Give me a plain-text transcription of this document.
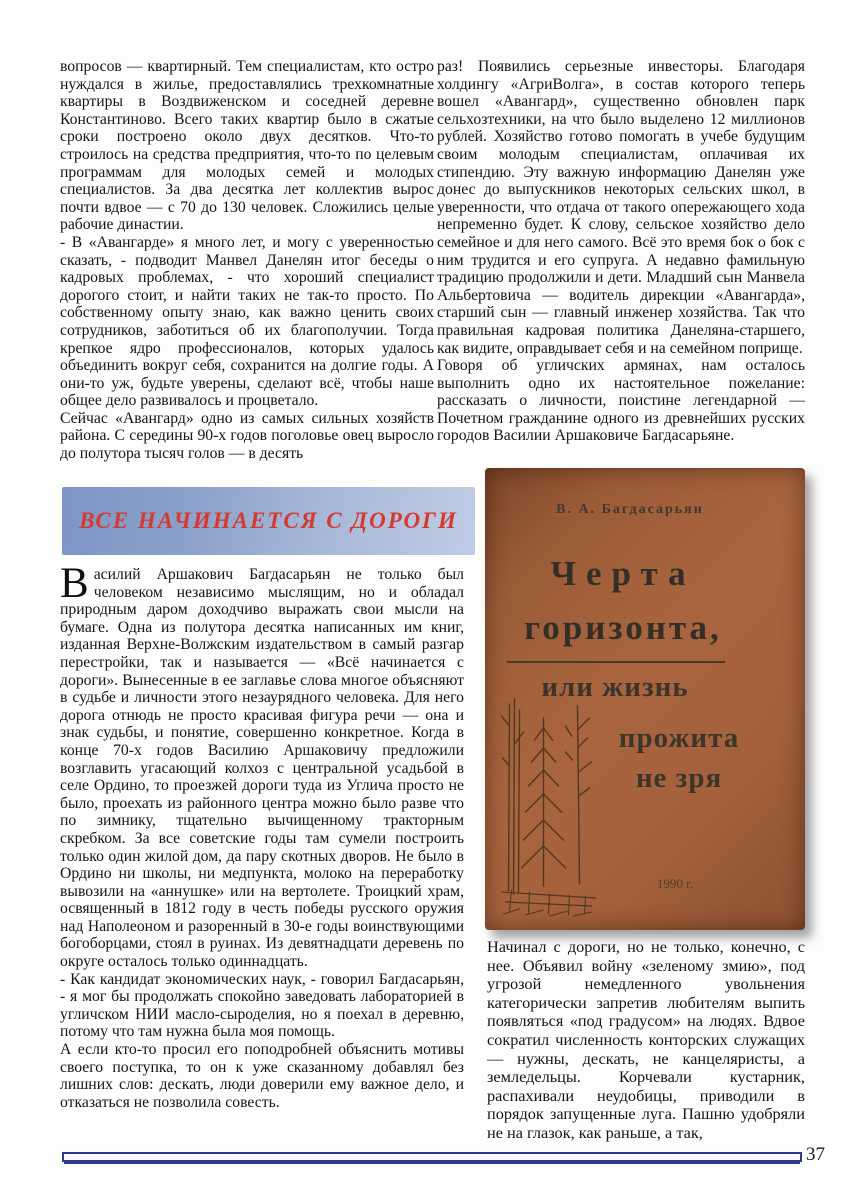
вопросов — квартирный. Тем специалистам, кто остро нуждался в жилье, предоставлялись трехкомнатные квартиры в Воздвиженском и соседней деревне Константиново. Всего таких квартир было в сжатые сроки построено около двух десятков. Что-то строилось на средства предприятия, что-то по целевым программам для молодых семей и молодых специалистов. За два десятка лет коллектив вырос почти вдвое — с 70 до 130 человек. Сложились целые рабочие династии.

- В «Авангарде» я много лет, и могу с уверенностью сказать, - подводит Манвел Данелян итог беседы о кадровых проблемах, - что хороший специалист дорогого стоит, и найти таких не так-то просто. По собственному опыту знаю, как важно ценить своих сотрудников, заботиться об их благополучии. Тогда крепкое ядро профессионалов, которых удалось объединить вокруг себя, сохранится на долгие годы. А они-то уж, будьте уверены, сделают всё, чтобы наше общее дело развивалось и процветало.

Сейчас «Авангард» одно из самых сильных хозяйств района. С середины 90-х годов поголовье овец выросло до полутора тысяч голов — в десять

раз! Появились серьезные инвесторы. Благодаря холдингу «АгриВолга», в состав которого теперь вошел «Авангард», существенно обновлен парк сельхозтехники, на что было выделено 12 миллионов рублей. Хозяйство готово помогать в учебе будущим своим молодым специалистам, оплачивая их стипендию. Эту важную информацию Данелян уже донес до выпускников некоторых сельских школ, в уверенности, что отдача от такого опережающего хода непременно будет. К слову, сельское хозяйство дело семейное и для него самого. Всё это время бок о бок с ним трудится и его супруга. А недавно фамильную традицию продолжили и дети. Младший сын Манвела Альбертовича — водитель дирекции «Авангарда», старший сын — главный инженер хозяйства. Так что правильная кадровая политика Данеляна-старшего, как видите, оправдывает себя и на семейном поприще.

Говоря об угличских армянах, нам осталось выполнить одно их настоятельное пожелание: рассказать о личности, поистине легендарной — Почетном гражданине одного из древнейших русских городов Василии Аршаковиче Багдасарьяне.

ВСЕ НАЧИНАЕТСЯ С ДОРОГИ	В. А. Багдасарьян
Черта
горизонта,
или жизнь
прожита
не зря
1990 г.

Василий Аршакович Багдасарьян не только был человеком независимо мыслящим, но и обладал природным даром доходчиво выражать свои мысли на бумаге. Одна из полутора десятка написанных им книг, изданная Верхне-Волжским издательством в самый разгар перестройки, так и называется — «Всё начинается с дороги». Вынесенные в ее заглавье слова многое объясняют в судьбе и личности этого незаурядного человека. Для него дорога отнюдь не просто красивая фигура речи — она и знак судьбы, и понятие, совершенно конкретное. Когда в конце 70-х годов Василию Аршаковичу предложили возглавить угасающий колхоз с центральной усадьбой в селе Ордино, то проезжей дороги туда из Углича просто не было, проехать из районного центра можно было разве что по зимнику, тщательно вычищенному тракторным скребком. За все советские годы там сумели построить только один жилой дом, да пару скотных дворов. Не было в Ордино ни школы, ни медпункта, молоко на переработку вывозили на «аннушке» или на вертолете. Троицкий храм, освященный в 1812 году в честь победы русского оружия над Наполеоном и разоренный в 30-е годы воинствующими богоборцами, стоял в руинах. Из девятнадцати деревень по округе осталось только одиннадцать.

- Как кандидат экономических наук, - говорил Багдасарьян, - я мог бы продолжать спокойно заведовать лабораторией в угличском НИИ масло-сыроделия, но я поехал в деревню, потому что там нужна была моя помощь.

А если кто-то просил его поподробней объяснить мотивы своего поступка, то он к уже сказанному добавлял без лишних слов: дескать, люди доверили ему важное дело, и отказаться не позволила совесть.

Начинал с дороги, но не только, конечно, с нее. Объявил войну «зеленому змию», под угрозой немедленного увольнения категорически запретив любителям выпить появляться «под градусом» на людях. Вдвое сократил численность конторских служащих — нужны, дескать, не канцеляристы, а земледельцы. Корчевали кустарник, распахивали неудобицы, приводили в порядок запущенные луга. Пашню удобряли не на глазок, как раньше, а так,

37
